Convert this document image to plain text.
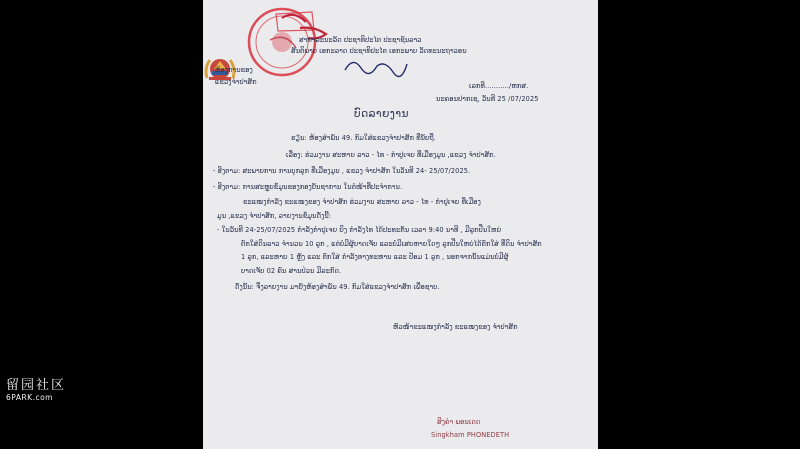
ສາທາລະນະລັດ ປະຊາທິປະໄຕ ປະຊາຊົນລາວ
ສັນຕິພາບ ເອກະລາດ ປະຊາທິປະໄຕ ເອກະພາບ ວັດທະນະຖາວອນ
ຫ້ອງການຂອງ
ແຂວງຈໍາປາສັກ	ເລກທີ.........../ຫກສ.
ນະຄອນປາກເຊ, ວັນທີ 25 /07/2025
ບົດລາຍງານ
ຮຽນ: ຫ້ອງສໍາພັນ 49. ກົມໃສ່ແຂວງຈໍາປາສັກ ທີ່ນັບຖື.
ເລື່ອງ: ຮ່ວມງານ ສະຫາຍ ລາວ - ໄທ - ກໍາປູເຈຍ ທີ່ເມືອງມູນ ,ແຂວງ ຈໍາປາສັກ.
- ອີງຕາມ: ສະພາບການ ການບຸກລຸກ ທີ່ເມືອງມູນ , ແຂວງ ຈໍາປາສັກ ໃນວັນທີ 24- 25/07/2025.
- ອີງຕາມ: ການສະຫຼຸບຂໍ້ມູນຂອງກອງບັນຊາການ ໃນຕໍ່ໜ້າທີ່ປະຈໍາການ.
ຂະແໜງກໍາລັງ ຂະແໜງຂອງ ຈໍາປາສັກ ຮ່ວມງານ ສະຫາຍ ລາວ - ໄທ - ກໍາປູເຈຍ ທີ່ເມືອງ
ມູນ ,ແຂວງ ຈໍາປາສັກ, ລາຍງານຂໍ້ມູນດັ່ງນີ້:
- ໃນວັນທີ 24-25/07/2025 ກໍາລັງກໍາປູເຈຍ ຍິງ ກໍາລັງໄທ ໄດ້ປະທະກັນ ເວລາ 9:40 ນາທີ , ມີລູກປືນໃຫຍ່
ຕົກໃສ່ດິນລາວ ຈໍານວນ 10 ລູກ , ແຕ່ບໍ່ມີຜູ້ບາດເຈັບ ແລະບໍ່ມີເສຍຫາຍໃດໆ ລູກປືນໃຫຍ່ໄດ້ຕົກໃສ່ ທີ່ດິນ ຈໍາປາສັກ
1 ລູກ, ແລະຫາຍ 1 ຫຼັງ ແລະ ຕົກໃສ່ ກໍາລັງທາງທະຫານ ແລະ ປ້ອມ 1 ລູກ , ນອກຈາກນັ້ນແມ່ນບໍ່ມີຜູ້
ບາດເຈັບ 02 ຄົນ ສານປ່ວນ ມີລະກົດ.
ດັ່ງນັ້ນ: ຈຶ່ງລາຍງານ ມາຍັງຫ້ອງສໍາພັນ 49. ກົມໃສ່ແຂວງຈໍາປາສັກ ເພື່ອຊາບ.
ຫົວໜ້າຂະແໜງກໍາລັງ ຂະແໜງຂອງ ຈໍາປາສັກ

ສິງຄໍາ ພອນເດດ
Singkham PHONEDETH
留园社区
6PARK.com
